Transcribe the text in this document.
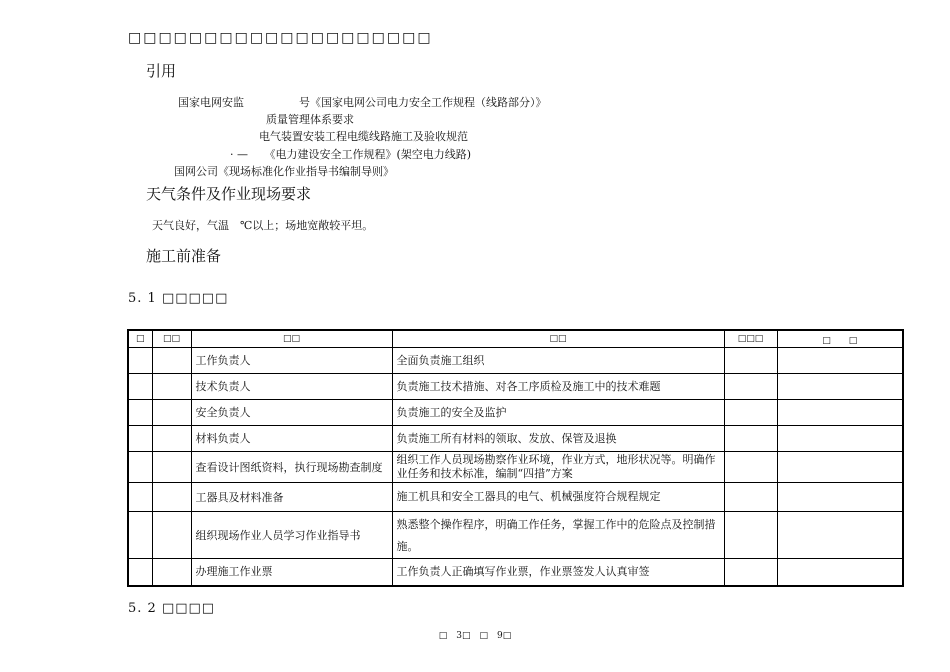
□□□□□□□□□□□□□□□□□□□□
引用
国家电网安监　　　　　号《国家电网公司电力安全工作规程（线路部分）》
质量管理体系要求
电气装置安装工程电缆线路施工及验收规范
· —　　《电力建设安全工作规程》(架空电力线路)
国网公司《现场标准化作业指导书编制导则》
天气条件及作业现场要求
天气良好，气温　℃以上；场地宽敞较平坦。
施工前准备
5. 1 □□□□□
□	□□	□□	□□	□□□	□　　□
		工作负责人	全面负责施工组织		
		技术负责人	负责施工技术措施、对各工序质检及施工中的技术难题		
		安全负责人	负责施工的安全及监护		
		材料负责人	负责施工所有材料的领取、发放、保管及退换		
		查看设计图纸资料，执行现场勘查制度	组织工作人员现场勘察作业环境，作业方式，地形状况等。明确作业任务和技术标准，编制“四措”方案		
		工器具及材料准备	施工机具和安全工器具的电气、机械强度符合规程规定		
		组织现场作业人员学习作业指导书	熟悉整个操作程序，明确工作任务，掌握工作中的危险点及控制措施。		
		办理施工作业票	工作负责人正确填写作业票，作业票签发人认真审签		
5. 2 □□□□
□　3□　□　9□
